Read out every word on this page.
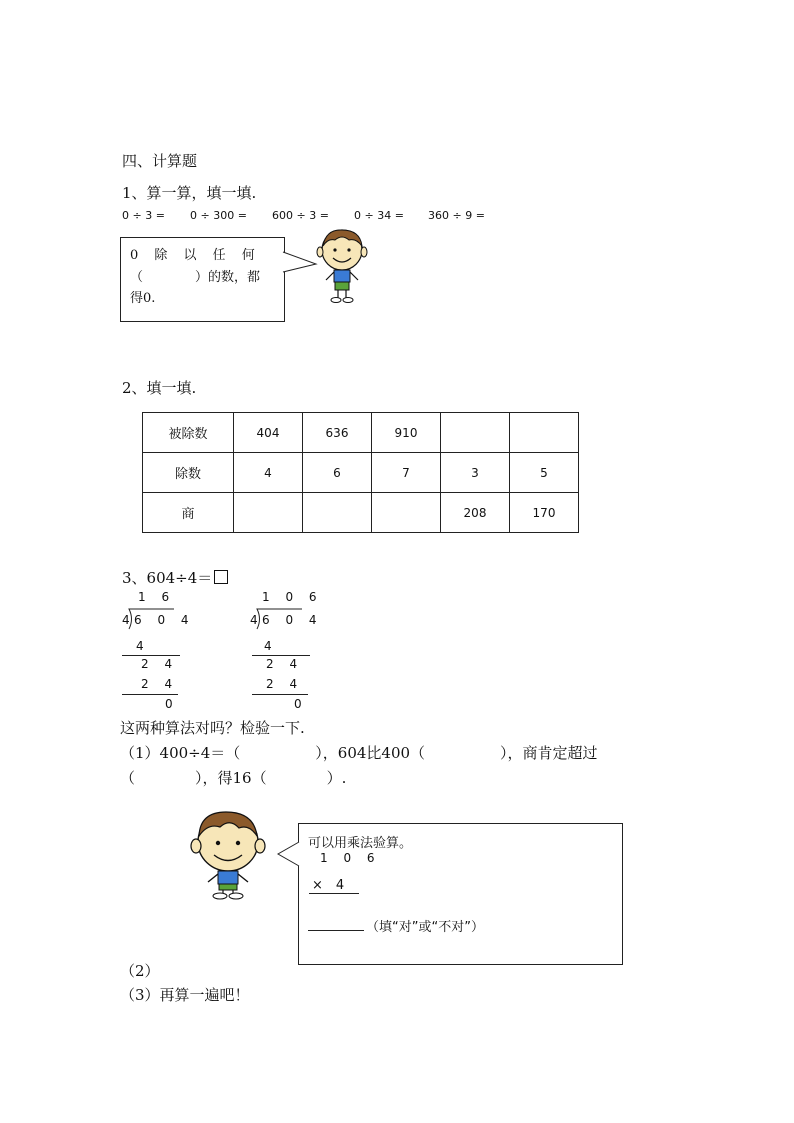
四、计算题
1、算一算，填一填.
0 ÷ 3 = 0 ÷ 300 = 600 ÷ 3 = 0 ÷ 34 = 360 ÷ 9 =
0 除 以 任 何
（　　　　）的数，都
得0.
2、填一填.
被除数	404	636	910		
除数	4	6	7	3	5
商				208	170
3、604÷4＝
1 6
4
6 0 4
4
2 4
2 4
0
1 0 6
4
6 0 4
4
2 4
2 4
0
这两种算法对吗？检验一下.
（1）400÷4＝（　　　　　），604比400（　　　　　），商肯定超过
（　　　　），得16（　　　　）.
可以用乘法验算。
1 0 6
×　4
（填“对”或“不对”）
（2）
（3）再算一遍吧！
